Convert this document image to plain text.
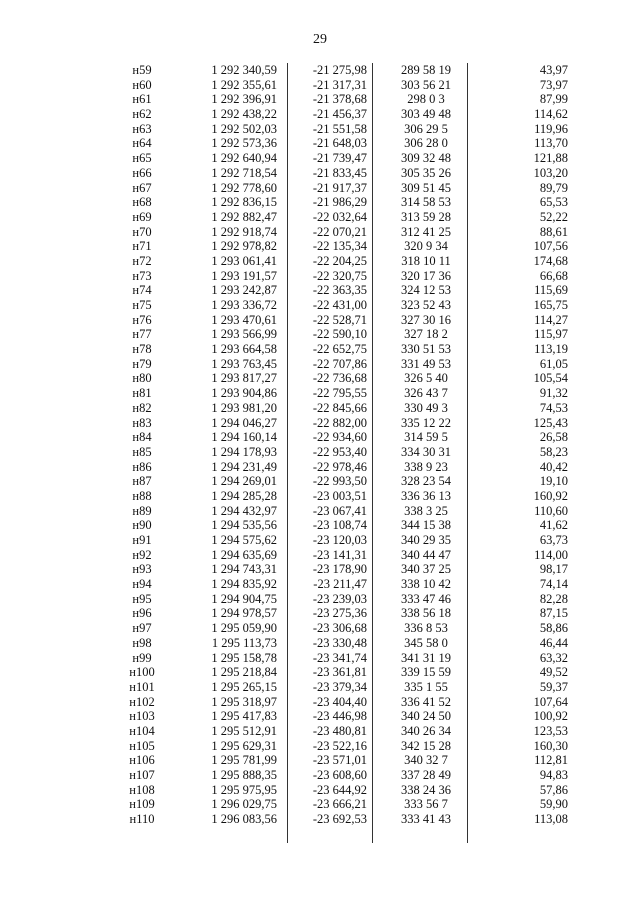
29
н59	1 292 340,59	-21 275,98	289 58 19	43,97
н60	1 292 355,61	-21 317,31	303 56 21	73,97
н61	1 292 396,91	-21 378,68	298 0 3	87,99
н62	1 292 438,22	-21 456,37	303 49 48	114,62
н63	1 292 502,03	-21 551,58	306 29 5	119,96
н64	1 292 573,36	-21 648,03	306 28 0	113,70
н65	1 292 640,94	-21 739,47	309 32 48	121,88
н66	1 292 718,54	-21 833,45	305 35 26	103,20
н67	1 292 778,60	-21 917,37	309 51 45	89,79
н68	1 292 836,15	-21 986,29	314 58 53	65,53
н69	1 292 882,47	-22 032,64	313 59 28	52,22
н70	1 292 918,74	-22 070,21	312 41 25	88,61
н71	1 292 978,82	-22 135,34	320 9 34	107,56
н72	1 293 061,41	-22 204,25	318 10 11	174,68
н73	1 293 191,57	-22 320,75	320 17 36	66,68
н74	1 293 242,87	-22 363,35	324 12 53	115,69
н75	1 293 336,72	-22 431,00	323 52 43	165,75
н76	1 293 470,61	-22 528,71	327 30 16	114,27
н77	1 293 566,99	-22 590,10	327 18 2	115,97
н78	1 293 664,58	-22 652,75	330 51 53	113,19
н79	1 293 763,45	-22 707,86	331 49 53	61,05
н80	1 293 817,27	-22 736,68	326 5 40	105,54
н81	1 293 904,86	-22 795,55	326 43 7	91,32
н82	1 293 981,20	-22 845,66	330 49 3	74,53
н83	1 294 046,27	-22 882,00	335 12 22	125,43
н84	1 294 160,14	-22 934,60	314 59 5	26,58
н85	1 294 178,93	-22 953,40	334 30 31	58,23
н86	1 294 231,49	-22 978,46	338 9 23	40,42
н87	1 294 269,01	-22 993,50	328 23 54	19,10
н88	1 294 285,28	-23 003,51	336 36 13	160,92
н89	1 294 432,97	-23 067,41	338 3 25	110,60
н90	1 294 535,56	-23 108,74	344 15 38	41,62
н91	1 294 575,62	-23 120,03	340 29 35	63,73
н92	1 294 635,69	-23 141,31	340 44 47	114,00
н93	1 294 743,31	-23 178,90	340 37 25	98,17
н94	1 294 835,92	-23 211,47	338 10 42	74,14
н95	1 294 904,75	-23 239,03	333 47 46	82,28
н96	1 294 978,57	-23 275,36	338 56 18	87,15
н97	1 295 059,90	-23 306,68	336 8 53	58,86
н98	1 295 113,73	-23 330,48	345 58 0	46,44
н99	1 295 158,78	-23 341,74	341 31 19	63,32
н100	1 295 218,84	-23 361,81	339 15 59	49,52
н101	1 295 265,15	-23 379,34	335 1 55	59,37
н102	1 295 318,97	-23 404,40	336 41 52	107,64
н103	1 295 417,83	-23 446,98	340 24 50	100,92
н104	1 295 512,91	-23 480,81	340 26 34	123,53
н105	1 295 629,31	-23 522,16	342 15 28	160,30
н106	1 295 781,99	-23 571,01	340 32 7	112,81
н107	1 295 888,35	-23 608,60	337 28 49	94,83
н108	1 295 975,95	-23 644,92	338 24 36	57,86
н109	1 296 029,75	-23 666,21	333 56 7	59,90
н110	1 296 083,56	-23 692,53	333 41 43	113,08
